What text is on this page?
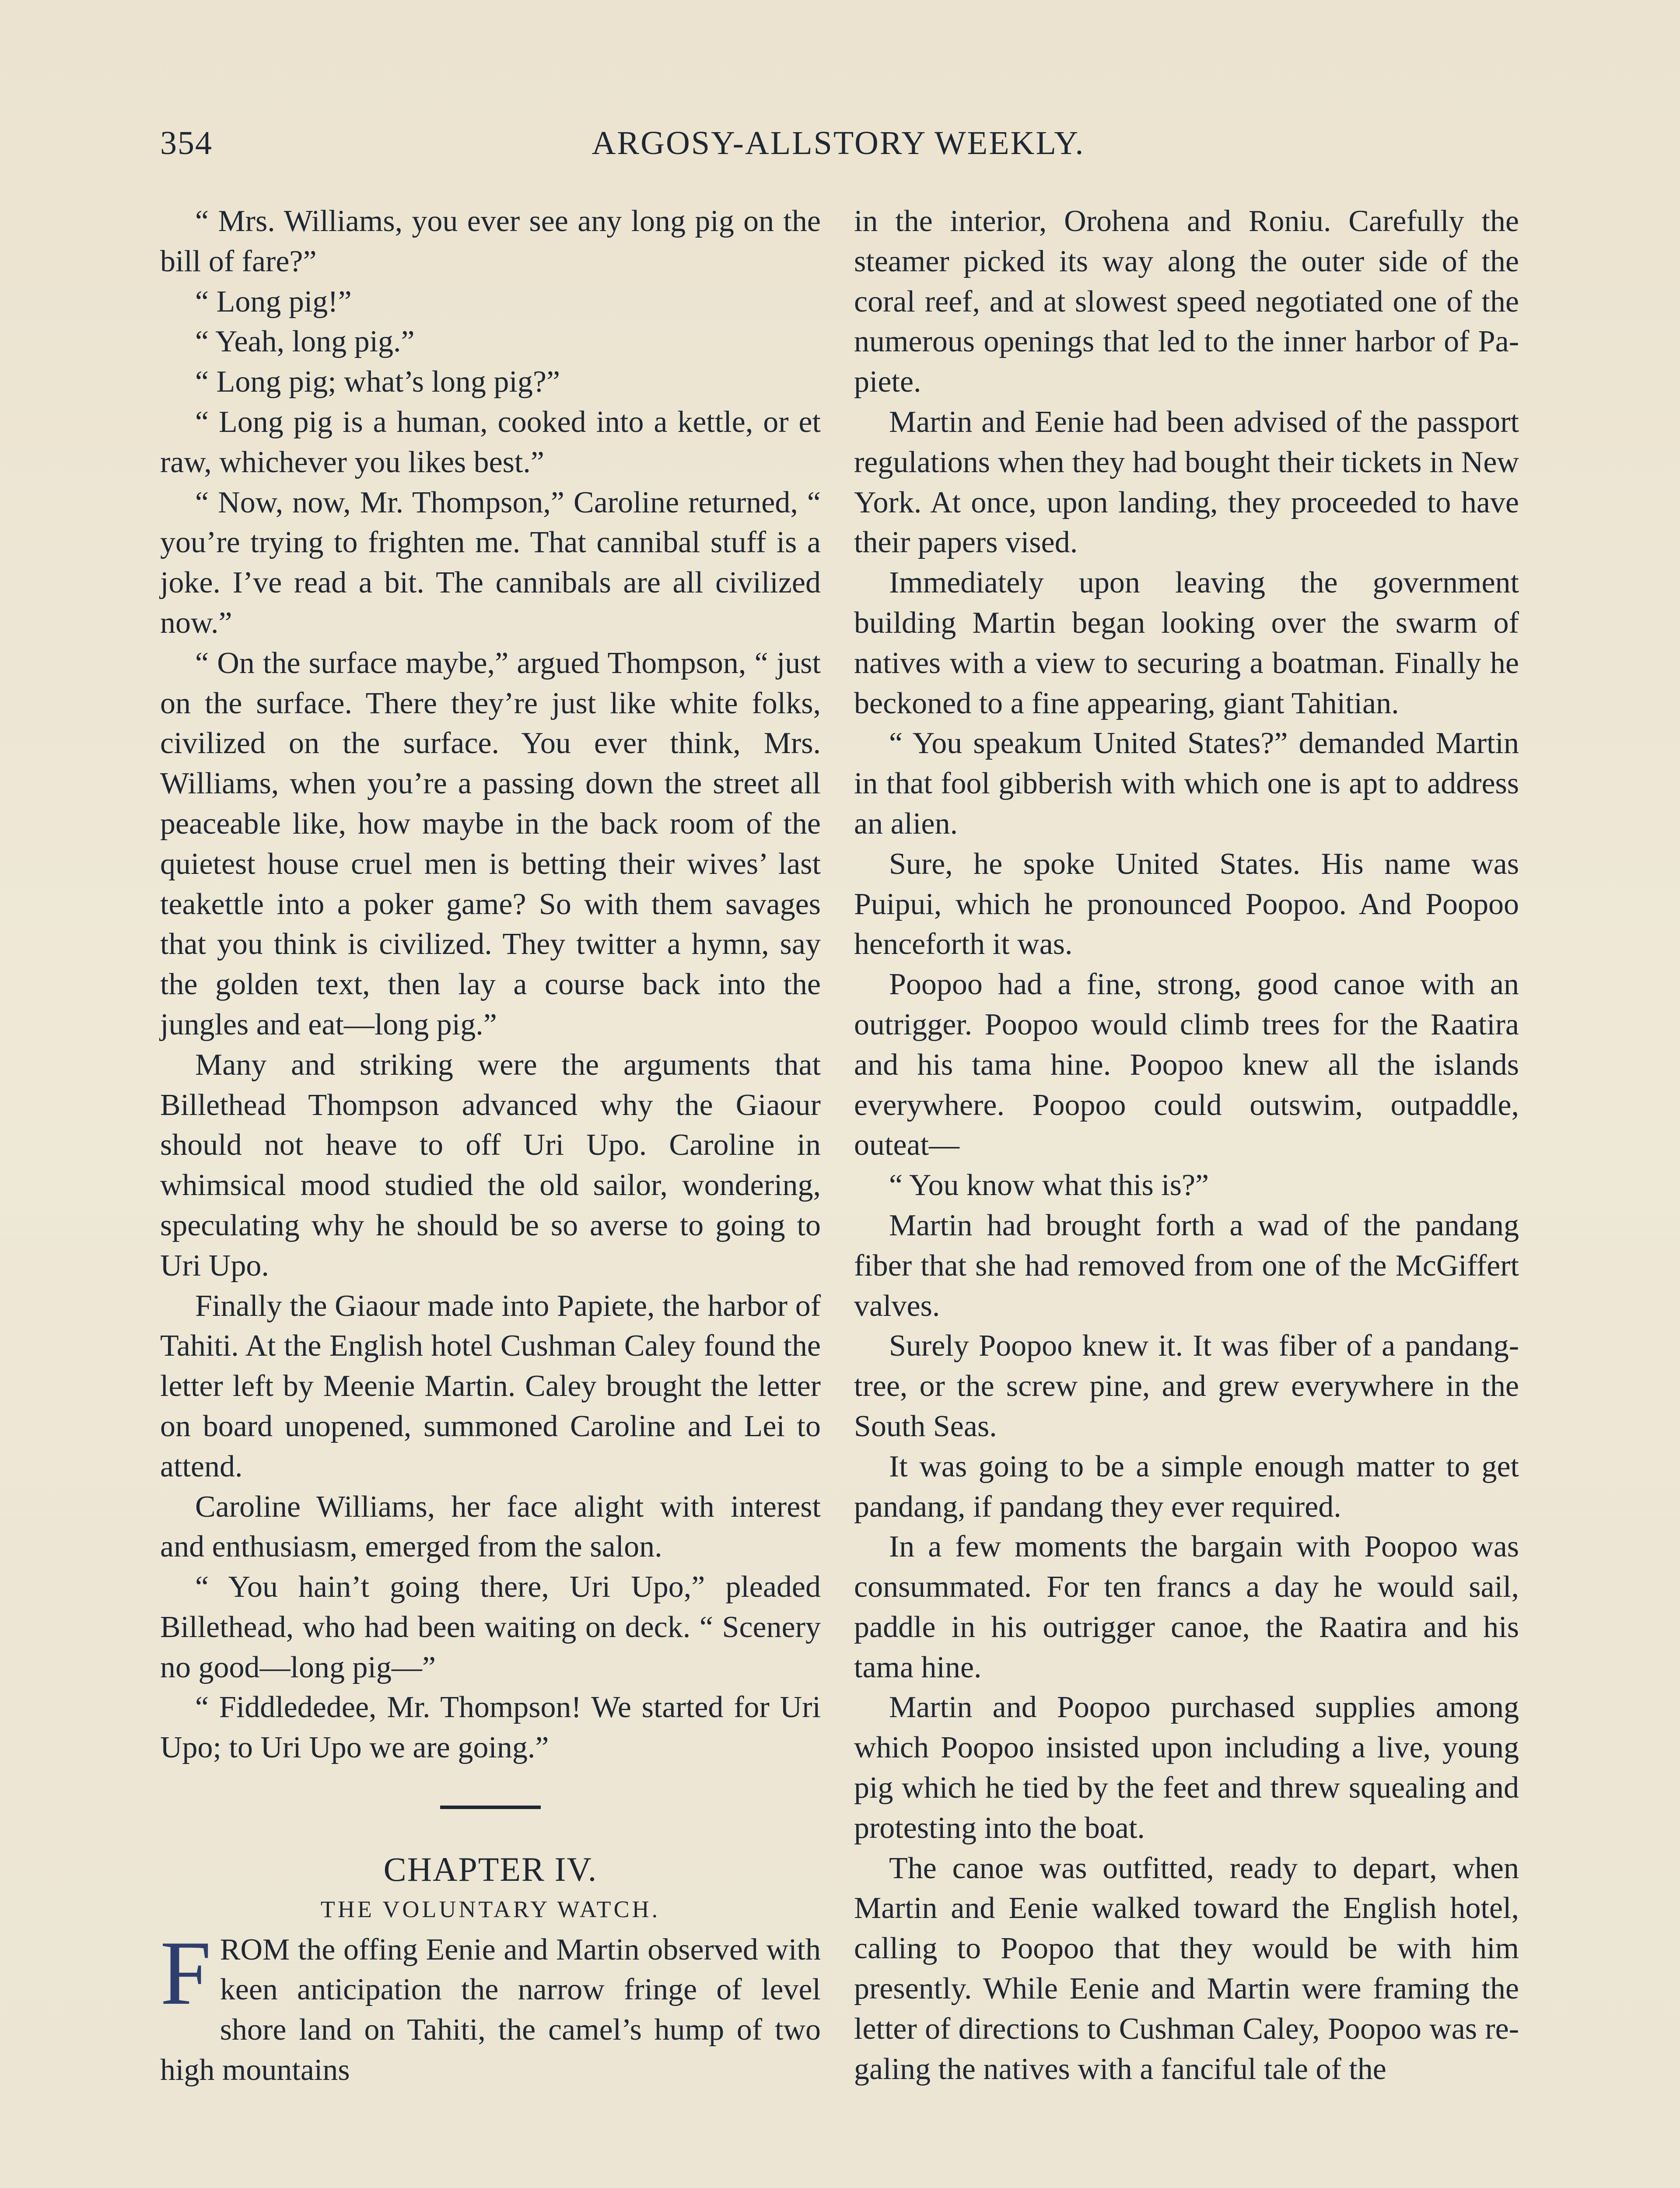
354	ARGOSY-ALLSTORY WEEKLY.

“ Mrs. Williams, you ever see any long pig on the bill of fare?”

“ Long pig!”

“ Yeah, long pig.”

“ Long pig; what’s long pig?”

“ Long pig is a human, cooked into a kettle, or et raw, whichever you likes best.”

“ Now, now, Mr. Thompson,” Caroline returned, “ you’re trying to frighten me. That cannibal stuff is a joke. I’ve read a bit. The cannibals are all civilized now.”

“ On the surface maybe,” argued Thompson, “ just on the surface. There they’re just like white folks, civilized on the surface. You ever think, Mrs. Williams, when you’re a passing down the street all peaceable like, how maybe in the back room of the quietest house cruel men is betting their wives’ last teakettle into a poker game? So with them savages that you think is civilized. They twitter a hymn, say the golden text, then lay a course back into the jungles and eat—long pig.”

Many and striking were the arguments that Billethead Thompson advanced why the Giaour should not heave to off Uri Upo. Caroline in whimsical mood studied the old sailor, wondering, speculating why he should be so averse to going to Uri Upo.

Finally the Giaour made into Papiete, the harbor of Tahiti. At the English hotel Cushman Caley found the letter left by Meenie Martin. Caley brought the letter on board unopened, summoned Caroline and Lei to attend.

Caroline Williams, her face alight with interest and enthusiasm, emerged from the salon.

“ You hain’t going there, Uri Upo,” pleaded Billethead, who had been waiting on deck. “ Scenery no good—long pig—”

“ Fiddlededee, Mr. Thompson! We started for Uri Upo; to Uri Upo we are going.”

CHAPTER IV.

THE VOLUNTARY WATCH.

FROM the offing Eenie and Martin observed with keen anticipation the narrow fringe of level shore land on Tahiti, the camel’s hump of two high mountains

in the interior, Orohena and Roniu. Carefully the steamer picked its way along the outer side of the coral reef, and at slowest speed negotiated one of the numerous openings that led to the inner harbor of Papiete.

Martin and Eenie had been advised of the passport regulations when they had bought their tickets in New York. At once, upon landing, they proceeded to have their papers vised.

Immediately upon leaving the government building Martin began looking over the swarm of natives with a view to securing a boatman. Finally he beckoned to a fine appearing, giant Tahitian.

“ You speakum United States?” demanded Martin in that fool gibberish with which one is apt to address an alien.

Sure, he spoke United States. His name was Puipui, which he pronounced Poopoo. And Poopoo henceforth it was.

Poopoo had a fine, strong, good canoe with an outrigger. Poopoo would climb trees for the Raatira and his tama hine. Poopoo knew all the islands everywhere. Poopoo could outswim, outpaddle, outeat—

“ You know what this is?”

Martin had brought forth a wad of the pandang fiber that she had removed from one of the McGiffert valves.

Surely Poopoo knew it. It was fiber of a pandang-tree, or the screw pine, and grew everywhere in the South Seas.

It was going to be a simple enough matter to get pandang, if pandang they ever required.

In a few moments the bargain with Poopoo was consummated. For ten francs a day he would sail, paddle in his outrigger canoe, the Raatira and his tama hine.

Martin and Poopoo purchased supplies among which Poopoo insisted upon including a live, young pig which he tied by the feet and threw squealing and protesting into the boat.

The canoe was outfitted, ready to depart, when Martin and Eenie walked toward the English hotel, calling to Poopoo that they would be with him presently. While Eenie and Martin were framing the letter of directions to Cushman Caley, Poopoo was regaling the natives with a fanciful tale of the
